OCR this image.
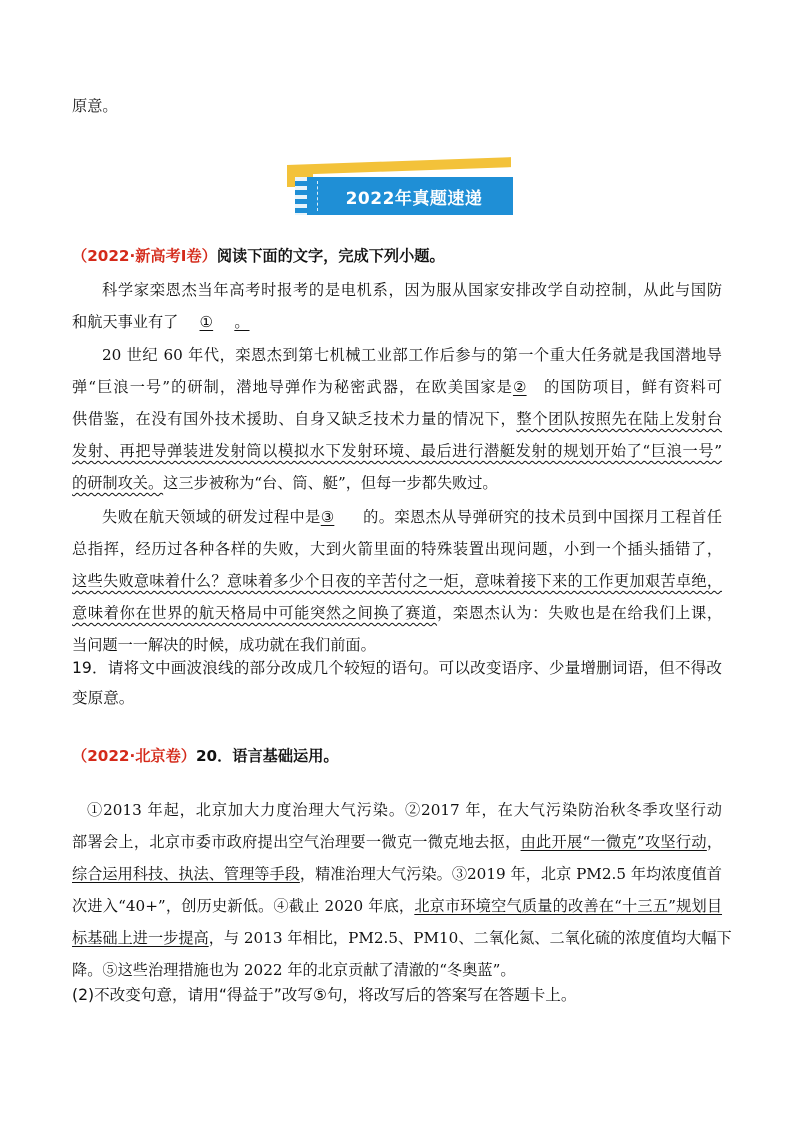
原意。
2022年真题速递
（2022·新高考I卷）阅读下面的文字，完成下列小题。
科学家栾恩杰当年高考时报考的是电机系，因为服从国家安排改学自动控制，从此与国防
和航天事业有了 ① 。
20 世纪 60 年代，栾恩杰到第七机械工业部工作后参与的第一个重大任务就是我国潜地导
弹“巨浪一号”的研制，潜地导弹作为秘密武器，在欧美国家是② 的国防项目，鲜有资料可
供借鉴，在没有国外技术援助、自身又缺乏技术力量的情况下，整个团队按照先在陆上发射台
发射、再把导弹装进发射筒以模拟水下发射环境、最后进行潜艇发射的规划开始了“巨浪一号”
的研制攻关。这三步被称为“台、筒、艇”，但每一步都失败过。
失败在航天领域的研发过程中是③ 的。栾恩杰从导弹研究的技术员到中国探月工程首任
总指挥，经历过各种各样的失败，大到火箭里面的特殊装置出现问题，小到一个插头插错了，
这些失败意味着什么？意味着多少个日夜的辛苦付之一炬，意味着接下来的工作更加艰苦卓绝，
意味着你在世界的航天格局中可能突然之间换了赛道，栾恩杰认为：失败也是在给我们上课，
当问题一一解决的时候，成功就在我们前面。
19．请将文中画波浪线的部分改成几个较短的语句。可以改变语序、少量增删词语，但不得改
变原意。
（2022·北京卷）20．语言基础运用。
①2013 年起，北京加大力度治理大气污染。②2017 年，在大气污染防治秋冬季攻坚行动
部署会上，北京市委市政府提出空气治理要一微克一微克地去抠，由此开展“一微克”攻坚行动，
综合运用科技、执法、管理等手段，精准治理大气污染。③2019 年，北京 PM2.5 年均浓度值首
次进入“40+”，创历史新低。④截止 2020 年底，北京市环境空气质量的改善在“十三五”规划目
标基础上进一步提高，与 2013 年相比，PM2.5、PM10、二氧化氮、二氧化硫的浓度值均大幅下
降。⑤这些治理措施也为 2022 年的北京贡献了清澈的“冬奥蓝”。
(2)不改变句意，请用“得益于”改写⑤句，将改写后的答案写在答题卡上。
